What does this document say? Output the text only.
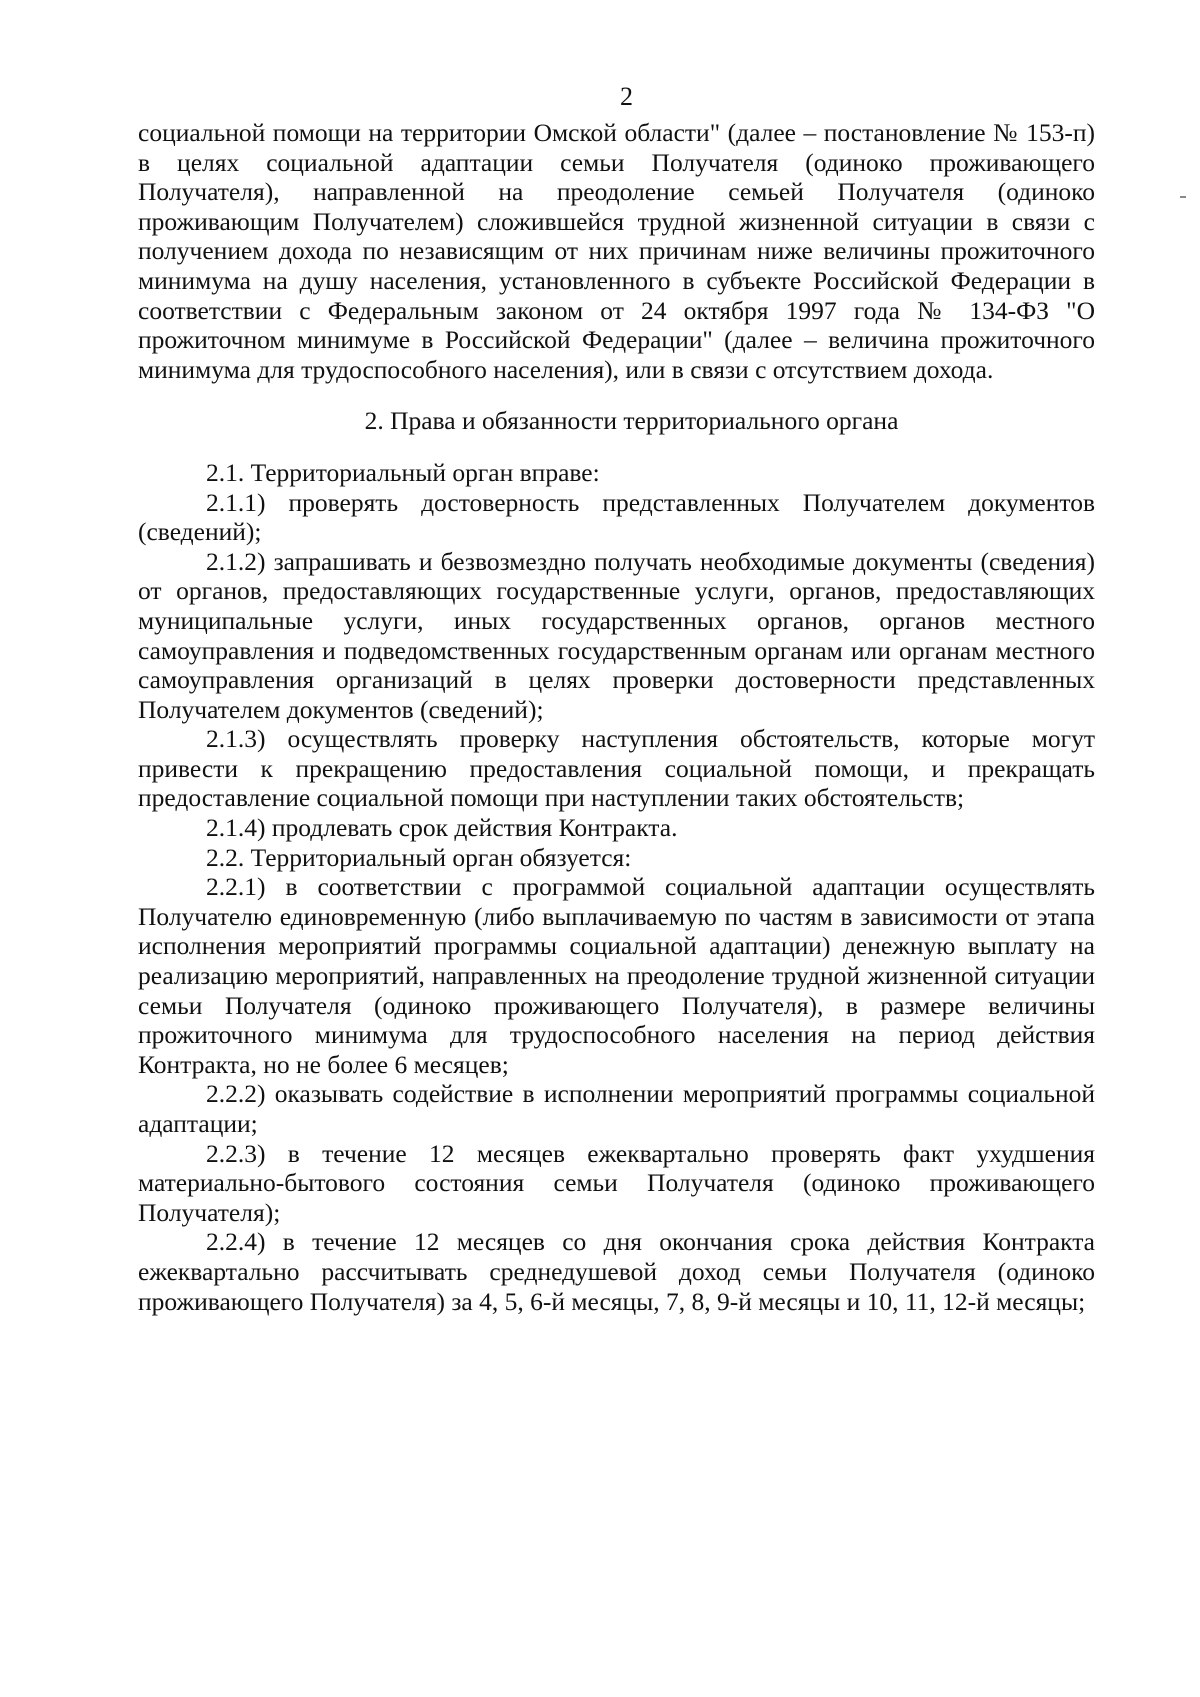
2

социальной помощи на территории Омской области" (далее – постановление № 153-п) в целях социальной адаптации семьи Получателя (одиноко проживающего Получателя), направленной на преодоление семьей Получателя (одиноко проживающим Получателем) сложившейся трудной жизненной ситуации в связи с получением дохода по независящим от них причинам ниже величины прожиточного минимума на душу населения, установленного в субъекте Российской Федерации в соответствии с Федеральным законом от 24 октября 1997 года № 134-ФЗ "О прожиточном минимуме в Российской Федерации" (далее – величина прожиточного минимума для трудоспособного населения), или в связи с отсутствием дохода.

2. Права и обязанности территориального органа

2.1. Территориальный орган вправе:

2.1.1) проверять достоверность представленных Получателем документов (сведений);

2.1.2) запрашивать и безвозмездно получать необходимые документы (сведения) от органов, предоставляющих государственные услуги, органов, предоставляющих муниципальные услуги, иных государственных органов, органов местного самоуправления и подведомственных государственным органам или органам местного самоуправления организаций в целях проверки достоверности представленных Получателем документов (сведений);

2.1.3) осуществлять проверку наступления обстоятельств, которые могут привести к прекращению предоставления социальной помощи, и прекращать предоставление социальной помощи при наступлении таких обстоятельств;

2.1.4) продлевать срок действия Контракта.

2.2. Территориальный орган обязуется:

2.2.1) в соответствии с программой социальной адаптации осуществлять Получателю единовременную (либо выплачиваемую по частям в зависимости от этапа исполнения мероприятий программы социальной адаптации) денежную выплату на реализацию мероприятий, направленных на преодоление трудной жизненной ситуации семьи Получателя (одиноко проживающего Получателя), в размере величины прожиточного минимума для трудоспособного населения на период действия Контракта, но не более 6 месяцев;

2.2.2) оказывать содействие в исполнении мероприятий программы социальной адаптации;

2.2.3) в течение 12 месяцев ежеквартально проверять факт ухудшения материально-бытового состояния семьи Получателя (одиноко проживающего Получателя);

2.2.4) в течение 12 месяцев со дня окончания срока действия Контракта ежеквартально рассчитывать среднедушевой доход семьи Получателя (одиноко проживающего Получателя) за 4, 5, 6-й месяцы, 7, 8, 9-й месяцы и 10, 11, 12-й месяцы;
